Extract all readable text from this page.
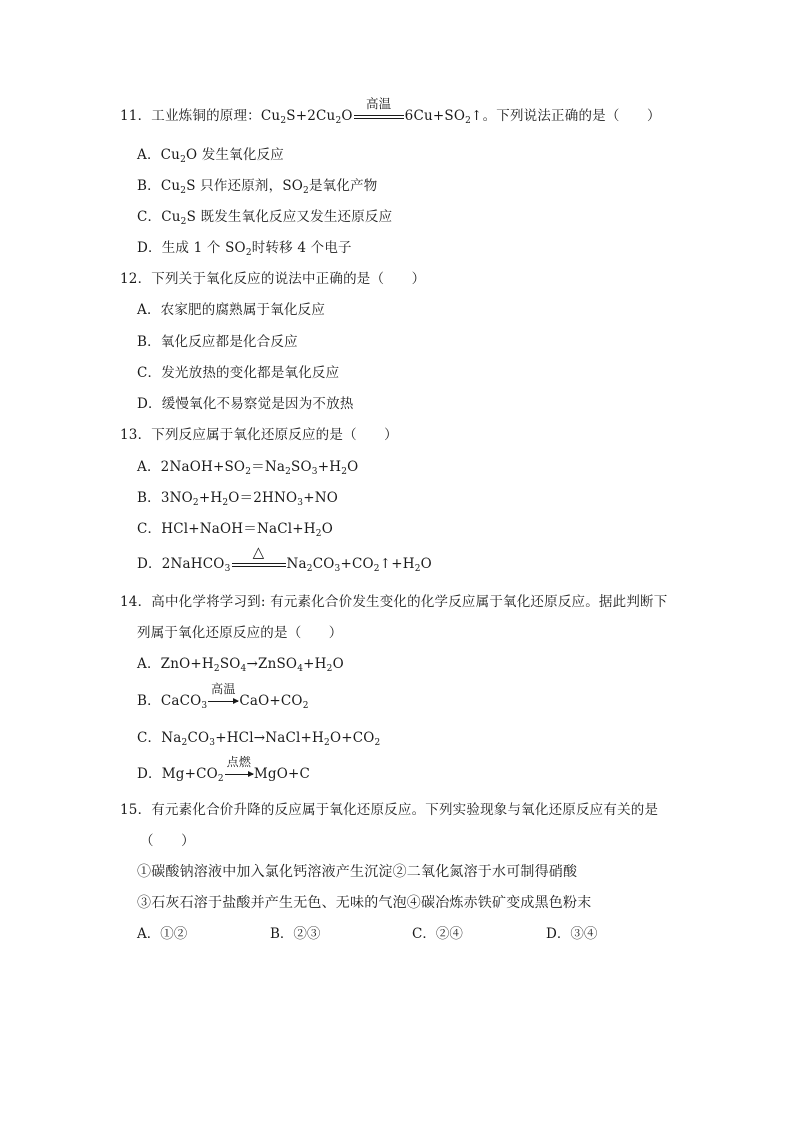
11．工业炼铜的原理：$Cu_2S+2Cu_2O$
高温
$6Cu+SO_2↑$。下列说法正确的是（　　）
A．$Cu_2O$ 发生氧化反应
B．$Cu_2S$ 只作还原剂，$SO_2$是氧化产物
C．$Cu_2S$ 既发生氧化反应又发生还原反应
D．生成 1 个 $SO_2$时转移 4 个电子
12．下列关于氧化反应的说法中正确的是（　　）
A．农家肥的腐熟属于氧化反应
B．氧化反应都是化合反应
C．发光放热的变化都是氧化反应
D．缓慢氧化不易察觉是因为不放热
13．下列反应属于氧化还原反应的是（　　）
A．$2NaOH+SO_2=Na_2SO_3+H_2O$
B．$3NO_2+H_2O=2HNO_3+NO$
C．$HCl+NaOH=NaCl+H_2O$
D．2NaHCO$_3$
△
$Na_2CO_3+CO_2↑+H_2O$
14．高中化学将学习到: 有元素化合价发生变化的化学反应属于氧化还原反应。据此判断下
列属于氧化还原反应的是（　　）
A．$ZnO+H_2SO_4\to ZnSO_4+H_2O$
B．CaCO$_3$
高温
$CaO+CO_2$
C．$Na_2CO_3+HCl\to NaCl+H_2O+CO_2$
D．$Mg+CO_2$
点燃
MgO+C
15．有元素化合价升降的反应属于氧化还原反应。下列实验现象与氧化还原反应有关的是
（　　）
①碳酸钠溶液中加入氯化钙溶液产生沉淀②二氧化氮溶于水可制得硝酸
③石灰石溶于盐酸并产生无色、无味的气泡④碳冶炼赤铁矿变成黑色粉末
A．①②	B．②③	C．②④	D．③④
